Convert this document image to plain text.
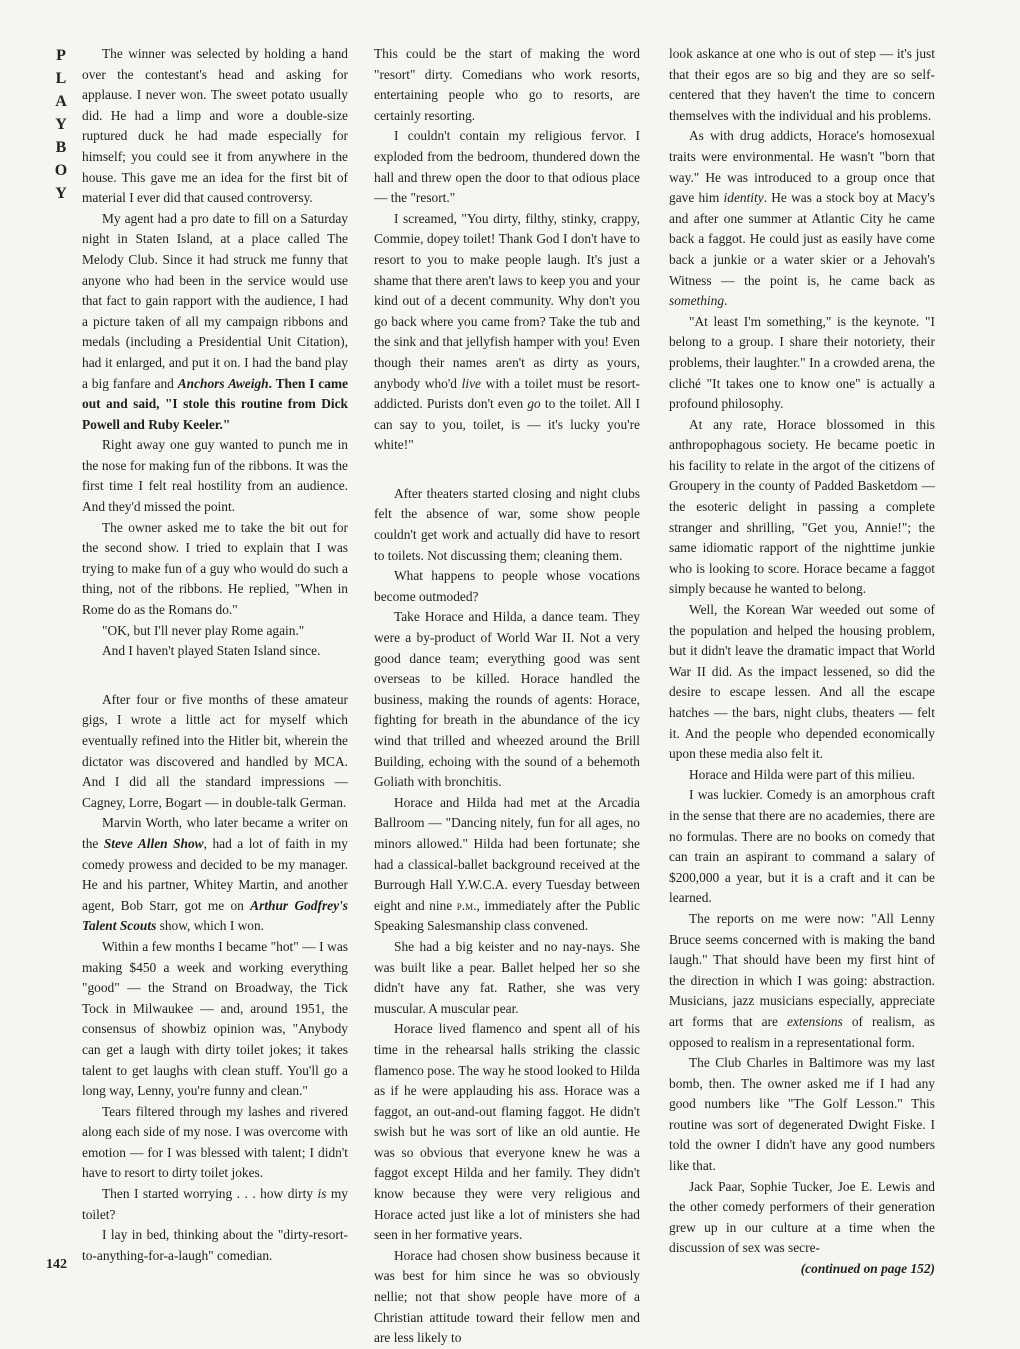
P
L
A
Y
B
O
Y

The winner was selected by holding a hand over the contestant's head and asking for applause. I never won. The sweet potato usually did. He had a limp and wore a double-size ruptured duck he had made especially for himself; you could see it from anywhere in the house. This gave me an idea for the first bit of material I ever did that caused controversy.

My agent had a pro date to fill on a Saturday night in Staten Island, at a place called The Melody Club. Since it had struck me funny that anyone who had been in the service would use that fact to gain rapport with the audience, I had a picture taken of all my campaign ribbons and medals (including a Presidential Unit Citation), had it enlarged, and put it on. I had the band play a big fanfare and Anchors Aweigh. Then I came out and said, "I stole this routine from Dick Powell and Ruby Keeler."

Right away one guy wanted to punch me in the nose for making fun of the ribbons. It was the first time I felt real hostility from an audience. And they'd missed the point.

The owner asked me to take the bit out for the second show. I tried to explain that I was trying to make fun of a guy who would do such a thing, not of the ribbons. He replied, "When in Rome do as the Romans do."

"OK, but I'll never play Rome again."

And I haven't played Staten Island since.

After four or five months of these amateur gigs, I wrote a little act for myself which eventually refined into the Hitler bit, wherein the dictator was discovered and handled by MCA. And I did all the standard impressions — Cagney, Lorre, Bogart — in double-talk German.

Marvin Worth, who later became a writer on the Steve Allen Show, had a lot of faith in my comedy prowess and decided to be my manager. He and his partner, Whitey Martin, and another agent, Bob Starr, got me on Arthur Godfrey's Talent Scouts show, which I won.

Within a few months I became "hot" — I was making $450 a week and working everything "good" — the Strand on Broadway, the Tick Tock in Milwaukee — and, around 1951, the consensus of showbiz opinion was, "Anybody can get a laugh with dirty toilet jokes; it takes talent to get laughs with clean stuff. You'll go a long way, Lenny, you're funny and clean."

Tears filtered through my lashes and rivered along each side of my nose. I was overcome with emotion — for I was blessed with talent; I didn't have to resort to dirty toilet jokes.

Then I started worrying . . . how dirty is my toilet?

I lay in bed, thinking about the "dirty-resort-to-anything-for-a-laugh" comedian.

This could be the start of making the word "resort" dirty. Comedians who work resorts, entertaining people who go to resorts, are certainly resorting.

I couldn't contain my religious fervor. I exploded from the bedroom, thundered down the hall and threw open the door to that odious place — the "resort."

I screamed, "You dirty, filthy, stinky, crappy, Commie, dopey toilet! Thank God I don't have to resort to you to make people laugh. It's just a shame that there aren't laws to keep you and your kind out of a decent community. Why don't you go back where you came from? Take the tub and the sink and that jellyfish hamper with you! Even though their names aren't as dirty as yours, anybody who'd live with a toilet must be resort-addicted. Purists don't even go to the toilet. All I can say to you, toilet, is — it's lucky you're white!"

After theaters started closing and night clubs felt the absence of war, some show people couldn't get work and actually did have to resort to toilets. Not discussing them; cleaning them.

What happens to people whose vocations become outmoded?

Take Horace and Hilda, a dance team. They were a by-product of World War II. Not a very good dance team; everything good was sent overseas to be killed. Horace handled the business, making the rounds of agents: Horace, fighting for breath in the abundance of the icy wind that trilled and wheezed around the Brill Building, echoing with the sound of a behemoth Goliath with bronchitis.

Horace and Hilda had met at the Arcadia Ballroom — "Dancing nitely, fun for all ages, no minors allowed." Hilda had been fortunate; she had a classical-ballet background received at the Burrough Hall Y.W.C.A. every Tuesday between eight and nine p.m., immediately after the Public Speaking Salesmanship class convened.

She had a big keister and no nay-nays. She was built like a pear. Ballet helped her so she didn't have any fat. Rather, she was very muscular. A muscular pear.

Horace lived flamenco and spent all of his time in the rehearsal halls striking the classic flamenco pose. The way he stood looked to Hilda as if he were applauding his ass. Horace was a faggot, an out-and-out flaming faggot. He didn't swish but he was sort of like an old auntie. He was so obvious that everyone knew he was a faggot except Hilda and her family. They didn't know because they were very religious and Horace acted just like a lot of ministers she had seen in her formative years.

Horace had chosen show business because it was best for him since he was so obviously nellie; not that show people have more of a Christian attitude toward their fellow men and are less likely to

look askance at one who is out of step — it's just that their egos are so big and they are so self-centered that they haven't the time to concern themselves with the individual and his problems.

As with drug addicts, Horace's homosexual traits were environmental. He wasn't "born that way." He was introduced to a group once that gave him identity. He was a stock boy at Macy's and after one summer at Atlantic City he came back a faggot. He could just as easily have come back a junkie or a water skier or a Jehovah's Witness — the point is, he came back as something.

"At least I'm something," is the keynote. "I belong to a group. I share their notoriety, their problems, their laughter." In a crowded arena, the cliché "It takes one to know one" is actually a profound philosophy.

At any rate, Horace blossomed in this anthropophagous society. He became poetic in his facility to relate in the argot of the citizens of Groupery in the county of Padded Basketdom — the esoteric delight in passing a complete stranger and shrilling, "Get you, Annie!"; the same idiomatic rapport of the nighttime junkie who is looking to score. Horace became a faggot simply because he wanted to belong.

Well, the Korean War weeded out some of the population and helped the housing problem, but it didn't leave the dramatic impact that World War II did. As the impact lessened, so did the desire to escape lessen. And all the escape hatches — the bars, night clubs, theaters — felt it. And the people who depended economically upon these media also felt it.

Horace and Hilda were part of this milieu.

I was luckier. Comedy is an amorphous craft in the sense that there are no academies, there are no formulas. There are no books on comedy that can train an aspirant to command a salary of $200,000 a year, but it is a craft and it can be learned.

The reports on me were now: "All Lenny Bruce seems concerned with is making the band laugh." That should have been my first hint of the direction in which I was going: abstraction. Musicians, jazz musicians especially, appreciate art forms that are extensions of realism, as opposed to realism in a representational form.

The Club Charles in Baltimore was my last bomb, then. The owner asked me if I had any good numbers like "The Golf Lesson." This routine was sort of degenerated Dwight Fiske. I told the owner I didn't have any good numbers like that.

Jack Paar, Sophie Tucker, Joe E. Lewis and the other comedy performers of their generation grew up in our culture at a time when the discussion of sex was secre-

(continued on page 152)
142
